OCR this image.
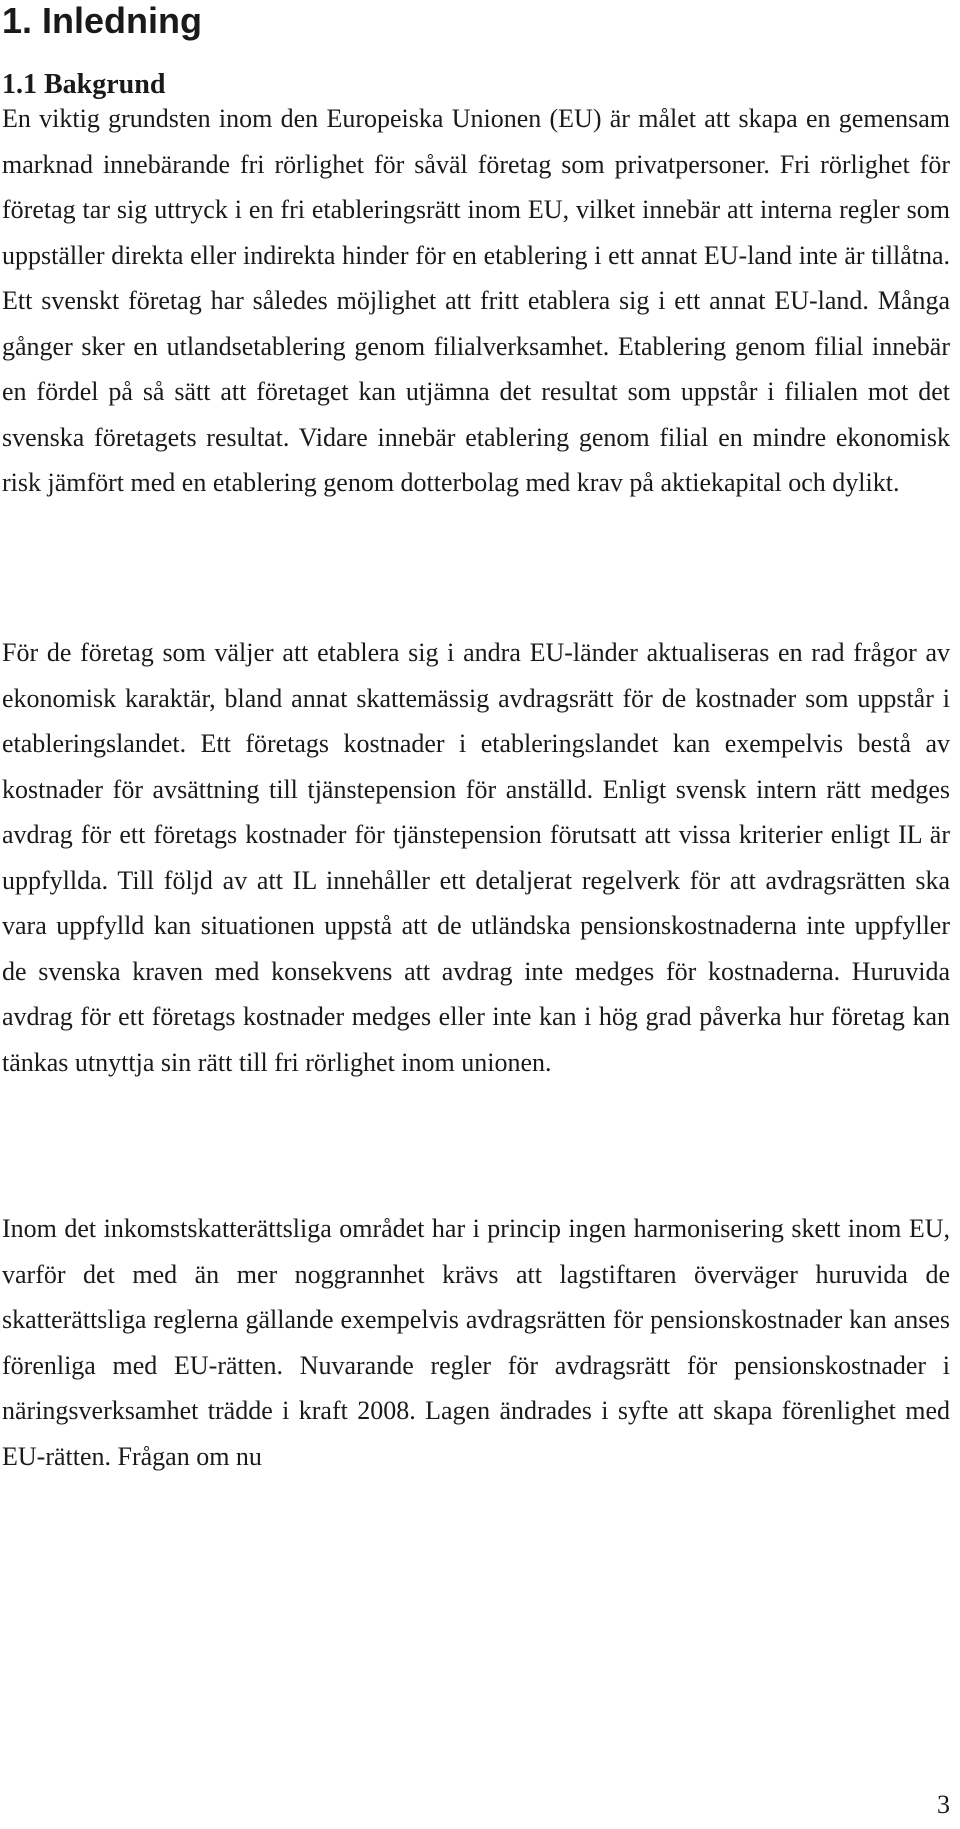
1. Inledning
1.1 Bakgrund

En viktig grundsten inom den Europeiska Unionen (EU) är målet att skapa en gemensam marknad innebärande fri rörlighet för såväl företag som privatpersoner. Fri rörlighet för företag tar sig uttryck i en fri etableringsrätt inom EU, vilket innebär att interna regler som uppställer direkta eller indirekta hinder för en etablering i ett annat EU-land inte är tillåtna. Ett svenskt företag har således möjlighet att fritt etablera sig i ett annat EU-land. Många gånger sker en utlandsetablering genom filialverksamhet. Etablering genom filial innebär en fördel på så sätt att företaget kan utjämna det resultat som uppstår i filialen mot det svenska företagets resultat. Vidare innebär etablering genom filial en mindre ekonomisk risk jämfört med en etablering genom dotterbolag med krav på aktiekapital och dylikt.

För de företag som väljer att etablera sig i andra EU-länder aktualiseras en rad frågor av ekonomisk karaktär, bland annat skattemässig avdragsrätt för de kostnader som uppstår i etableringslandet. Ett företags kostnader i etableringslandet kan exempelvis bestå av kostnader för avsättning till tjänstepension för anställd. Enligt svensk intern rätt medges avdrag för ett företags kostnader för tjänstepension förutsatt att vissa kriterier enligt IL är uppfyllda. Till följd av att IL innehåller ett detaljerat regelverk för att avdragsrätten ska vara uppfylld kan situationen uppstå att de utländska pensionskostnaderna inte uppfyller de svenska kraven med konsekvens att avdrag inte medges för kostnaderna. Huruvida avdrag för ett företags kostnader medges eller inte kan i hög grad påverka hur företag kan tänkas utnyttja sin rätt till fri rörlighet inom unionen.

Inom det inkomstskatterättsliga området har i princip ingen harmonisering skett inom EU, varför det med än mer noggrannhet krävs att lagstiftaren överväger huruvida de skatterättsliga reglerna gällande exempelvis avdragsrätten för pensionskostnader kan anses förenliga med EU-rätten. Nuvarande regler för avdragsrätt för pensionskostnader i näringsverksamhet trädde i kraft 2008. Lagen ändrades i syfte att skapa förenlighet med EU-rätten. Frågan om nu

3
